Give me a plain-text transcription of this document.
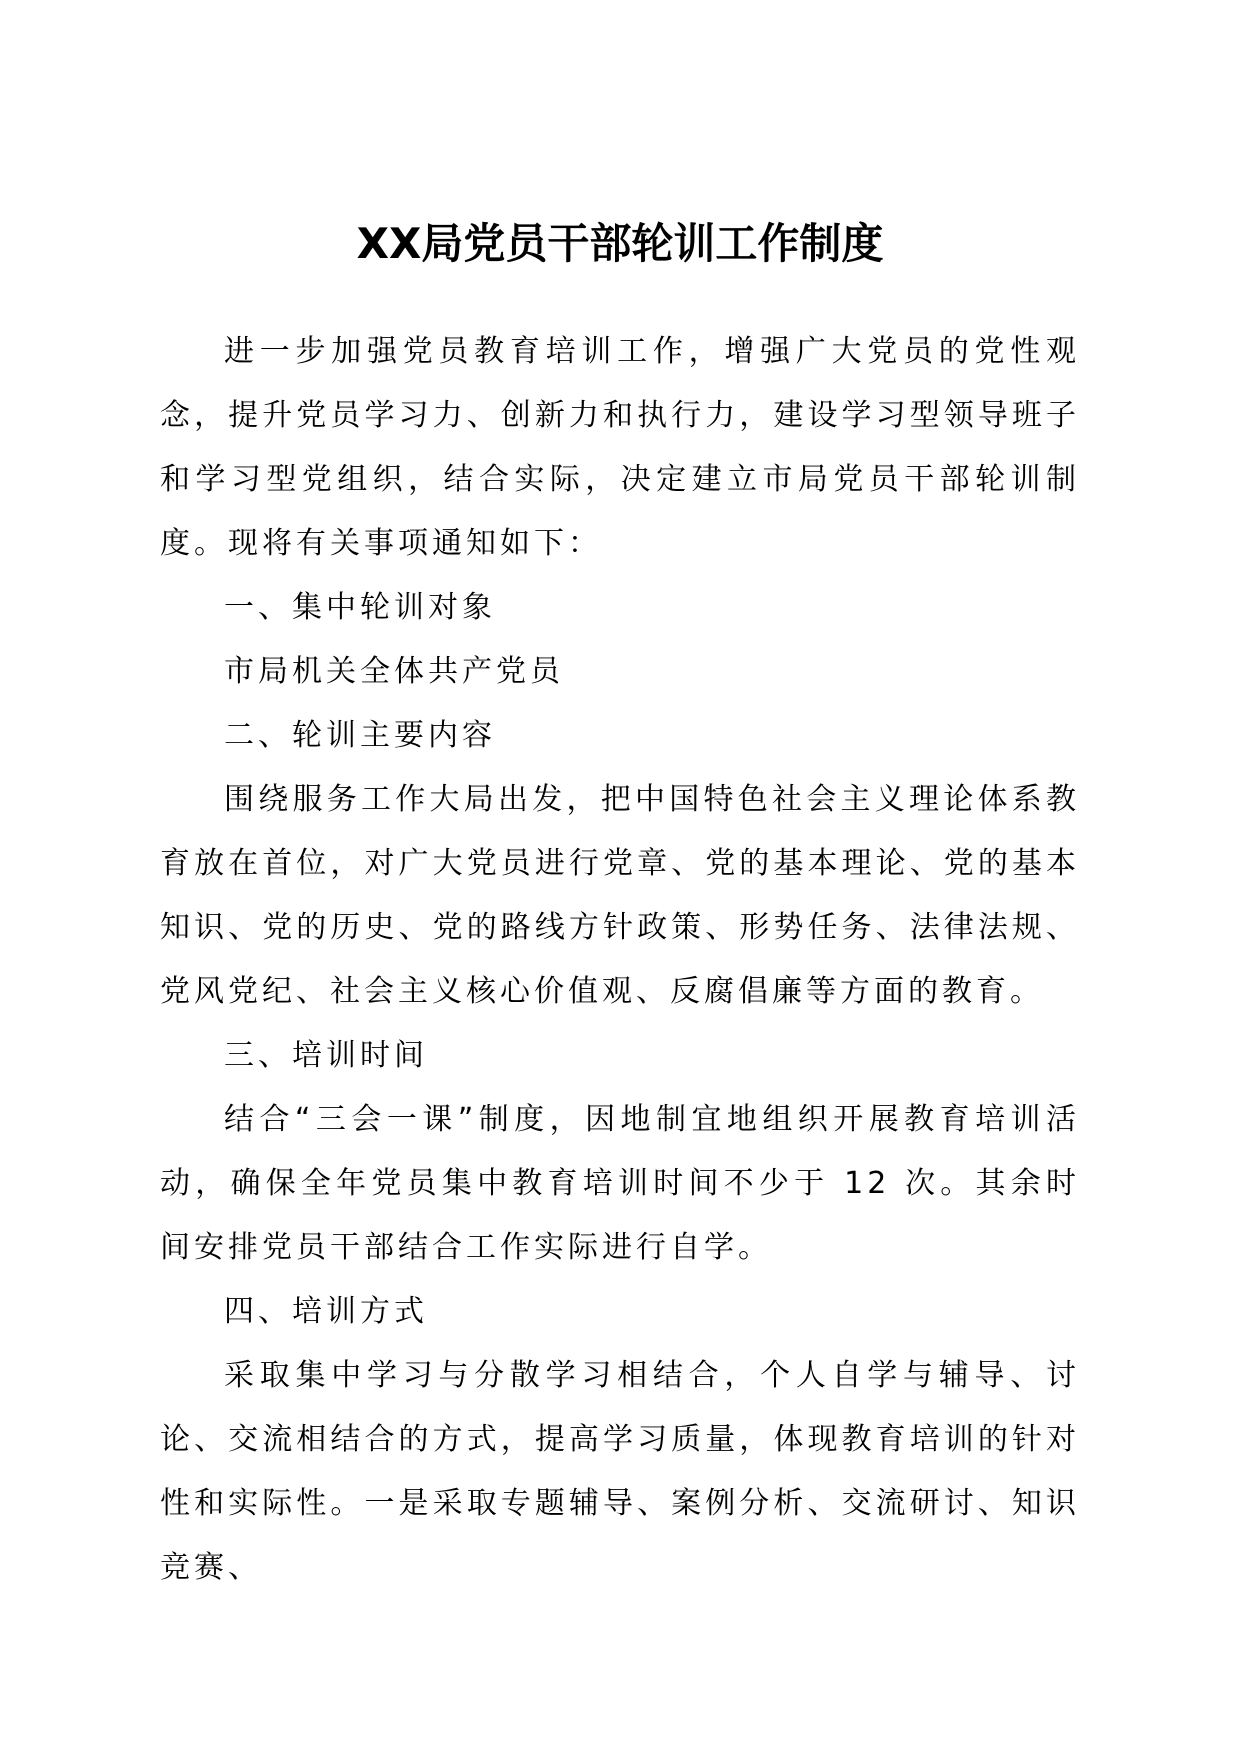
XX局党员干部轮训工作制度

进一步加强党员教育培训工作，增强广大党员的党性观念，提升党员学习力、创新力和执行力，建设学习型领导班子和学习型党组织，结合实际，决定建立市局党员干部轮训制度。现将有关事项通知如下：

一、集中轮训对象

市局机关全体共产党员

二、轮训主要内容

围绕服务工作大局出发，把中国特色社会主义理论体系教育放在首位，对广大党员进行党章、党的基本理论、党的基本知识、党的历史、党的路线方针政策、形势任务、法律法规、党风党纪、社会主义核心价值观、反腐倡廉等方面的教育。

三、培训时间

结合“三会一课”制度，因地制宜地组织开展教育培训活动，确保全年党员集中教育培训时间不少于 12 次。其余时间安排党员干部结合工作实际进行自学。

四、培训方式

采取集中学习与分散学习相结合，个人自学与辅导、讨论、交流相结合的方式，提高学习质量，体现教育培训的针对性和实际性。一是采取专题辅导、案例分析、交流研讨、知识竞赛、
